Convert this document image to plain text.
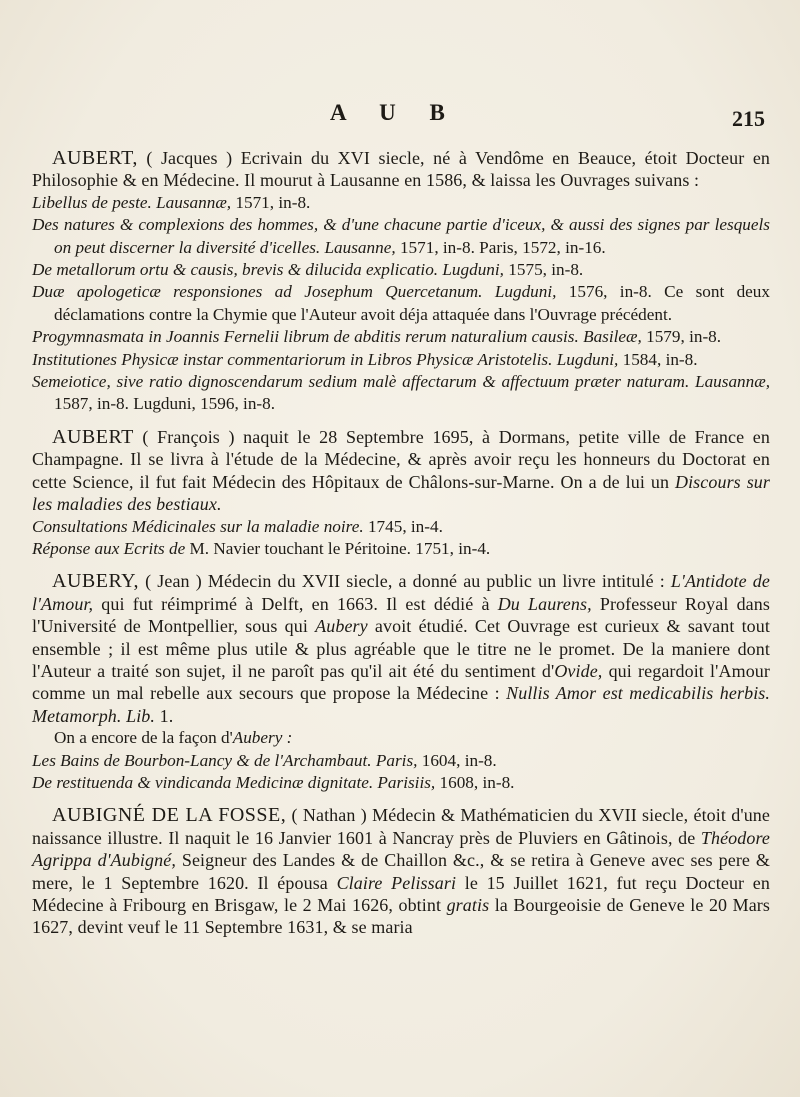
A U B	215

AUBERT, ( Jacques ) Ecrivain du XVI siecle, né à Vendôme en Beauce, étoit Docteur en Philosophie & en Médecine. Il mourut à Lausanne en 1586, & laissa les Ouvrages suivans :

Libellus de peste. Lausannæ, 1571, in-8.

Des natures & complexions des hommes, & d'une chacune partie d'iceux, & aussi des signes par lesquels on peut discerner la diversité d'icelles. Lausanne, 1571, in-8. Paris, 1572, in-16.

De metallorum ortu & causis, brevis & dilucida explicatio. Lugduni, 1575, in-8.

Duæ apologeticæ responsiones ad Josephum Quercetanum. Lugduni, 1576, in-8. Ce sont deux déclamations contre la Chymie que l'Auteur avoit déja attaquée dans l'Ouvrage précédent.

Progymnasmata in Joannis Fernelii librum de abditis rerum naturalium causis. Basileæ, 1579, in-8.

Institutiones Physicæ instar commentariorum in Libros Physicæ Aristotelis. Lugduni, 1584, in-8.

Semeiotice, sive ratio dignoscendarum sedium malè affectarum & affectuum præter naturam. Lausannæ, 1587, in-8. Lugduni, 1596, in-8.

AUBERT ( François ) naquit le 28 Septembre 1695, à Dormans, petite ville de France en Champagne. Il se livra à l'étude de la Médecine, & après avoir reçu les honneurs du Doctorat en cette Science, il fut fait Médecin des Hôpitaux de Châlons-sur-Marne. On a de lui un Discours sur les maladies des bestiaux.

Consultations Médicinales sur la maladie noire. 1745, in-4.

Réponse aux Ecrits de M. Navier touchant le Péritoine. 1751, in-4.

AUBERY, ( Jean ) Médecin du XVII siecle, a donné au public un livre intitulé : L'Antidote de l'Amour, qui fut réimprimé à Delft, en 1663. Il est dédié à Du Laurens, Professeur Royal dans l'Université de Montpellier, sous qui Aubery avoit étudié. Cet Ouvrage est curieux & savant tout ensemble ; il est même plus utile & plus agréable que le titre ne le promet. De la maniere dont l'Auteur a traité son sujet, il ne paroît pas qu'il ait été du sentiment d'Ovide, qui regardoit l'Amour comme un mal rebelle aux secours que propose la Médecine : Nullis Amor est medicabilis herbis. Metamorph. Lib. 1.

On a encore de la façon d'Aubery :

Les Bains de Bourbon-Lancy & de l'Archambaut. Paris, 1604, in-8.

De restituenda & vindicanda Medicinæ dignitate. Parisiis, 1608, in-8.

AUBIGNÉ DE LA FOSSE, ( Nathan ) Médecin & Mathématicien du XVII siecle, étoit d'une naissance illustre. Il naquit le 16 Janvier 1601 à Nancray près de Pluviers en Gâtinois, de Théodore Agrippa d'Aubigné, Seigneur des Landes & de Chaillon &c., & se retira à Geneve avec ses pere & mere, le 1 Septembre 1620. Il épousa Claire Pelissari le 15 Juillet 1621, fut reçu Docteur en Médecine à Fribourg en Brisgaw, le 2 Mai 1626, obtint gratis la Bourgeoisie de Geneve le 20 Mars 1627, devint veuf le 11 Septembre 1631, & se maria
